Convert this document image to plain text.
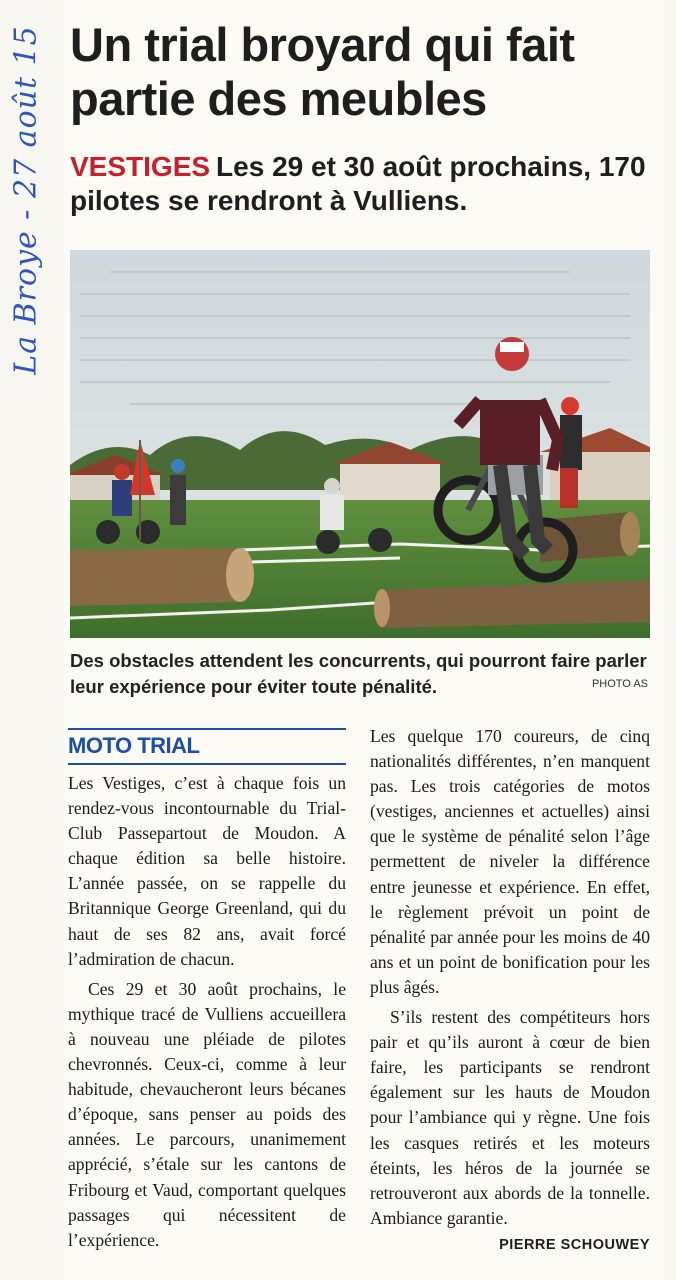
La Broye - 27 août 15 Un trial broyard qui fait partie des meubles
VESTIGES Les 29 et 30 août prochains, 170 pilotes se rendront à Vulliens.
Des obstacles attendent les concurrents, qui pourront faire parler leur expérience pour éviter toute pénalité.	PHOTO AS
MOTO TRIAL

Les Vestiges, c’est à chaque fois un rendez-vous incontournable du Trial-Club Passepartout de Moudon. A chaque édition sa belle histoire. L’année passée, on se rappelle du Britannique George Greenland, qui du haut de ses 82 ans, avait forcé l’admiration de chacun.

Ces 29 et 30 août prochains, le mythique tracé de Vulliens accueillera à nouveau une pléiade de pilotes chevronnés. Ceux-ci, comme à leur habitude, chevaucheront leurs bécanes d’époque, sans penser au poids des années. Le parcours, unanimement apprécié, s’étale sur les cantons de Fribourg et Vaud, comportant quelques passages qui nécessitent de l’expérience.

Les quelque 170 coureurs, de cinq nationalités différentes, n’en manquent pas. Les trois catégories de motos (vestiges, anciennes et actuelles) ainsi que le système de pénalité selon l’âge permettent de niveler la différence entre jeunesse et expérience. En effet, le règlement prévoit un point de pénalité par année pour les moins de 40 ans et un point de bonification pour les plus âgés.

S’ils restent des compétiteurs hors pair et qu’ils auront à cœur de bien faire, les participants se rendront également sur les hauts de Moudon pour l’ambiance qui y règne. Une fois les casques retirés et les moteurs éteints, les héros de la journée se retrouveront aux abords de la tonnelle. Ambiance garantie.

PIERRE SCHOUWEY
